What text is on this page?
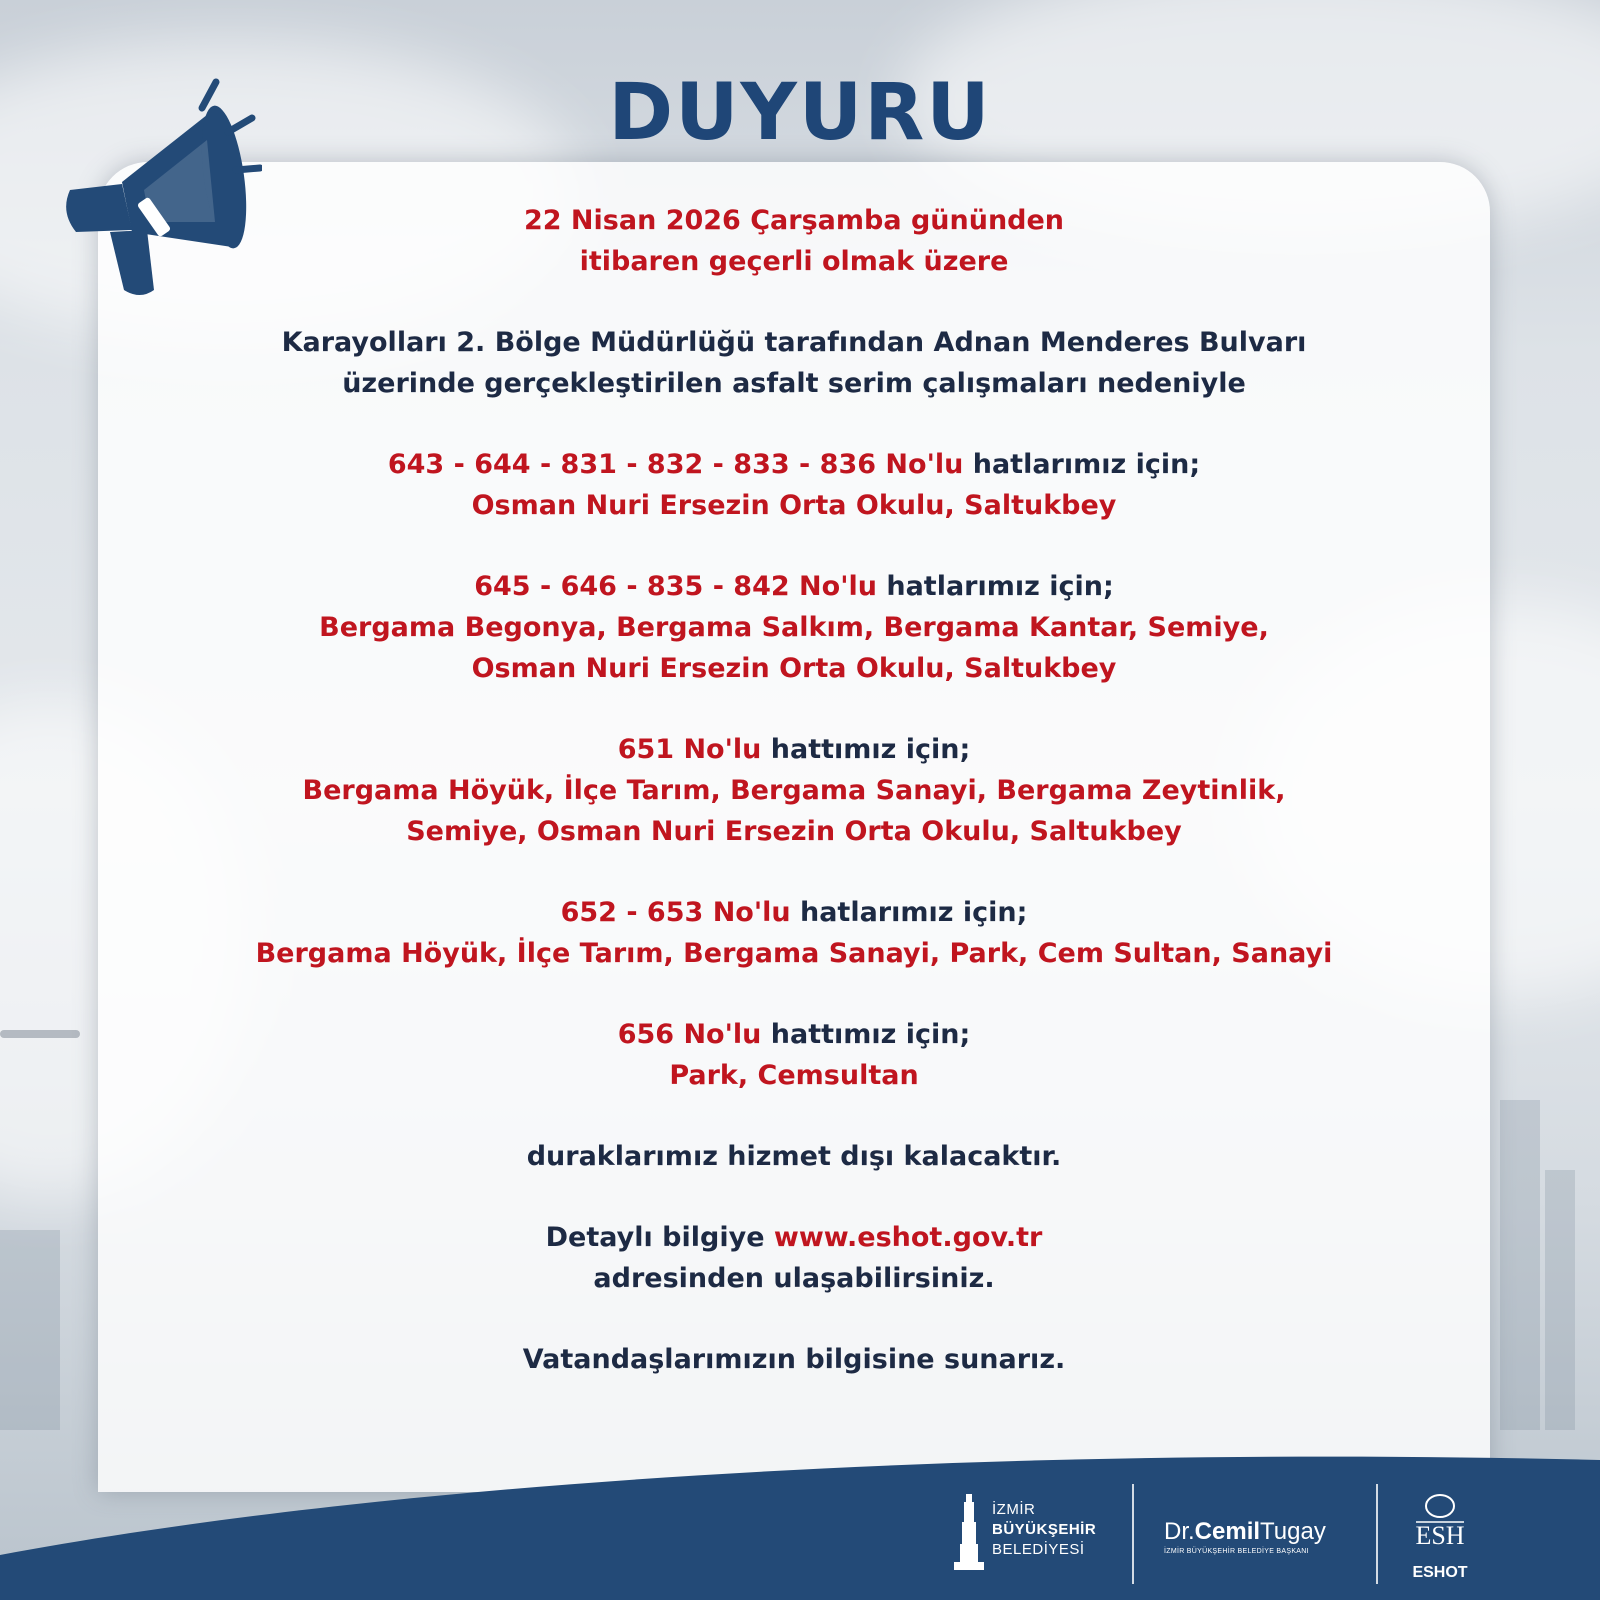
DUYURU

22 Nisan 2026 Çarşamba gününden
itibaren geçerli olmak üzere

Karayolları 2. Bölge Müdürlüğü tarafından Adnan Menderes Bulvarı
üzerinde gerçekleştirilen asfalt serim çalışmaları nedeniyle

643 - 644 - 831 - 832 - 833 - 836 No'lu hatlarımız için;
Osman Nuri Ersezin Orta Okulu, Saltukbey

645 - 646 - 835 - 842 No'lu hatlarımız için;
Bergama Begonya, Bergama Salkım, Bergama Kantar, Semiye,
Osman Nuri Ersezin Orta Okulu, Saltukbey

651 No'lu hattımız için;
Bergama Höyük, İlçe Tarım, Bergama Sanayi, Bergama Zeytinlik,
Semiye, Osman Nuri Ersezin Orta Okulu, Saltukbey

652 - 653 No'lu hatlarımız için;
Bergama Höyük, İlçe Tarım, Bergama Sanayi, Park, Cem Sultan, Sanayi

656 No'lu hattımız için;
Park, Cemsultan

duraklarımız hizmet dışı kalacaktır.

Detaylı bilgiye www.eshot.gov.tr
adresinden ulaşabilirsiniz.

Vatandaşlarımızın bilgisine sunarız.

İZMİR
BÜYÜKŞEHİR
BELEDİYESİ
Dr.CemilTugay
İZMİR BÜYÜKŞEHİR BELEDİYE BAŞKANI
ESH
ESHOT
